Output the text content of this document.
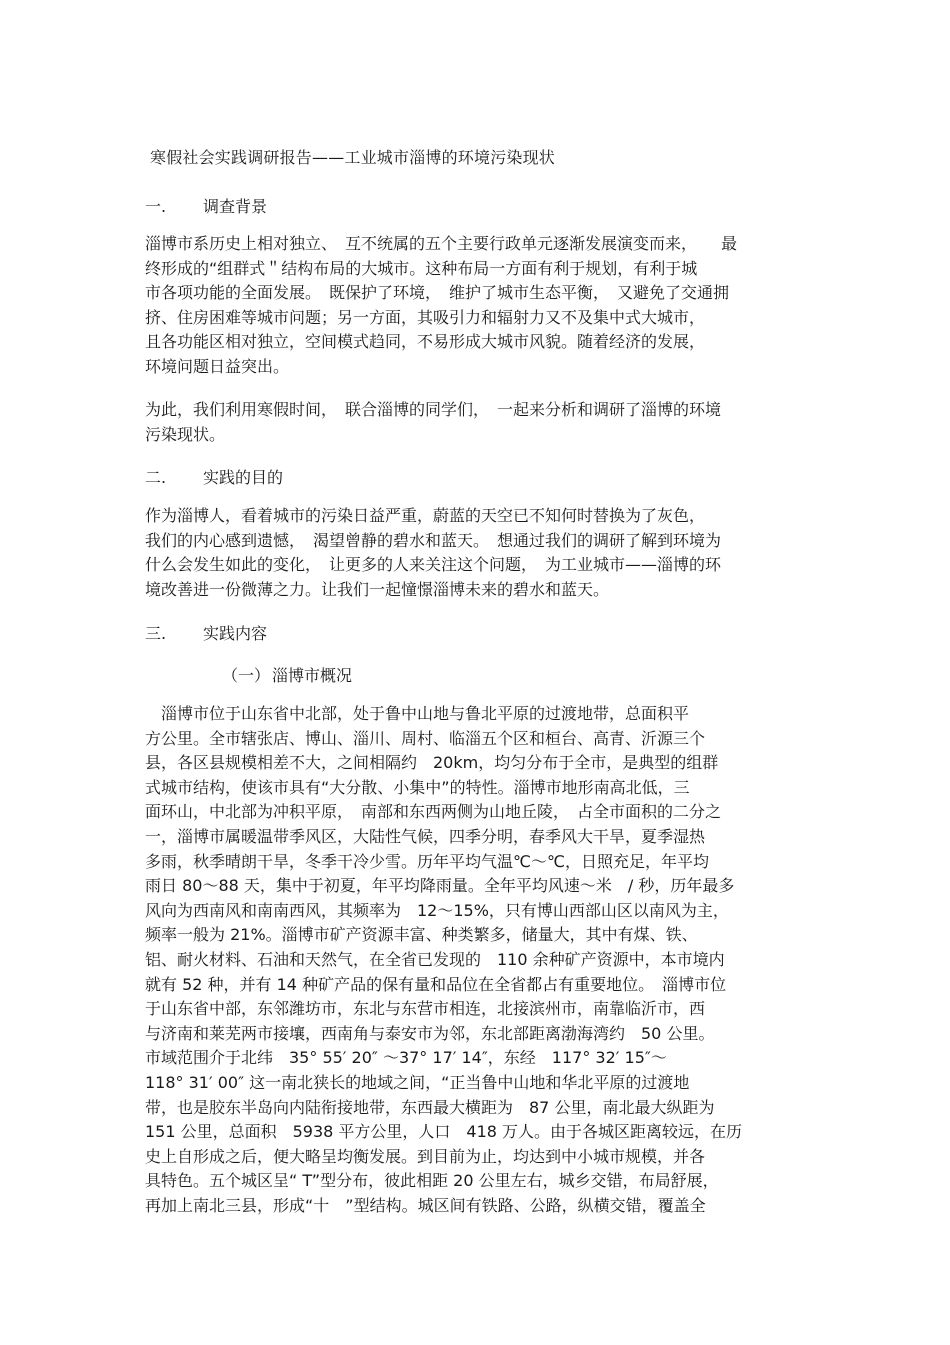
寒假社会实践调研报告——工业城市淄博的环境污染现状
一. 调查背景
淄博市系历史上相对独立、　互不统属的五个主要行政单元逐渐发展演变而来，　　最
终形成的“组群式＂结构布局的大城市。这种布局一方面有利于规划，有利于城
市各项功能的全面发展。　既保护了环境，　维护了城市生态平衡，　又避免了交通拥
挤、住房困难等城市问题；另一方面，其吸引力和辐射力又不及集中式大城市，
且各功能区相对独立，空间模式趋同，不易形成大城市风貌。随着经济的发展，
环境问题日益突出。
为此，我们利用寒假时间，　联合淄博的同学们，　一起来分析和调研了淄博的环境
污染现状。
二. 实践的目的
作为淄博人，看着城市的污染日益严重，蔚蓝的天空已不知何时替换为了灰色，
我们的内心感到遗憾，　渴望曾静的碧水和蓝天。　想通过我们的调研了解到环境为
什么会发生如此的变化，　让更多的人来关注这个问题，　为工业城市——淄博的环
境改善进一份微薄之力。让我们一起憧憬淄博未来的碧水和蓝天。
三. 实践内容
（一） 淄博市概况
　淄博市位于山东省中北部，处于鲁中山地与鲁北平原的过渡地带，总面积平
方公里。全市辖张店、博山、淄川、周村、临淄五个区和桓台、高青、沂源三个
县，各区县规模相差不大，之间相隔约　20km，均匀分布于全市，是典型的组群
式城市结构，使该市具有“大分散、小集中”的特性。淄博市地形南高北低，三
面环山，中北部为冲积平原，　南部和东西两侧为山地丘陵，　占全市面积的二分之
一，淄博市属暖温带季风区，大陆性气候，四季分明，春季风大干旱，夏季湿热
多雨，秋季晴朗干旱，冬季干冷少雪。历年平均气温℃～℃，日照充足，年平均
雨日 80～88 天，集中于初夏，年平均降雨量。全年平均风速～米　/ 秒，历年最多
风向为西南风和南南西风，其频率为　12～15%，只有博山西部山区以南风为主，
频率一般为 21%。淄博市矿产资源丰富、种类繁多，储量大，其中有煤、铁、
铝、耐火材料、石油和天然气，在全省已发现的　110 余种矿产资源中，本市境内
就有 52 种，并有 14 种矿产品的保有量和品位在全省都占有重要地位。　淄博市位
于山东省中部，东邻潍坊市，东北与东营市相连，北接滨州市，南靠临沂市，西
与济南和莱芜两市接壤，西南角与泰安市为邻，东北部距离渤海湾约　50 公里。
市域范围介于北纬　35° 55′ 20″ ～37° 17′ 14″，东经　117° 32′ 15″～
118° 31′ 00″ 这一南北狭长的地域之间，“正当鲁中山地和华北平原的过渡地
带，也是胶东半岛向内陆衔接地带，东西最大横距为　87 公里，南北最大纵距为
151 公里，总面积　5938 平方公里，人口　418 万人。由于各城区距离较远，在历
史上自形成之后，便大略呈均衡发展。到目前为止，均达到中小城市规模，并各
具特色。五个城区呈“ T”型分布，彼此相距 20 公里左右，城乡交错，布局舒展，
再加上南北三县，形成“十　”型结构。城区间有铁路、公路，纵横交错，覆盖全
